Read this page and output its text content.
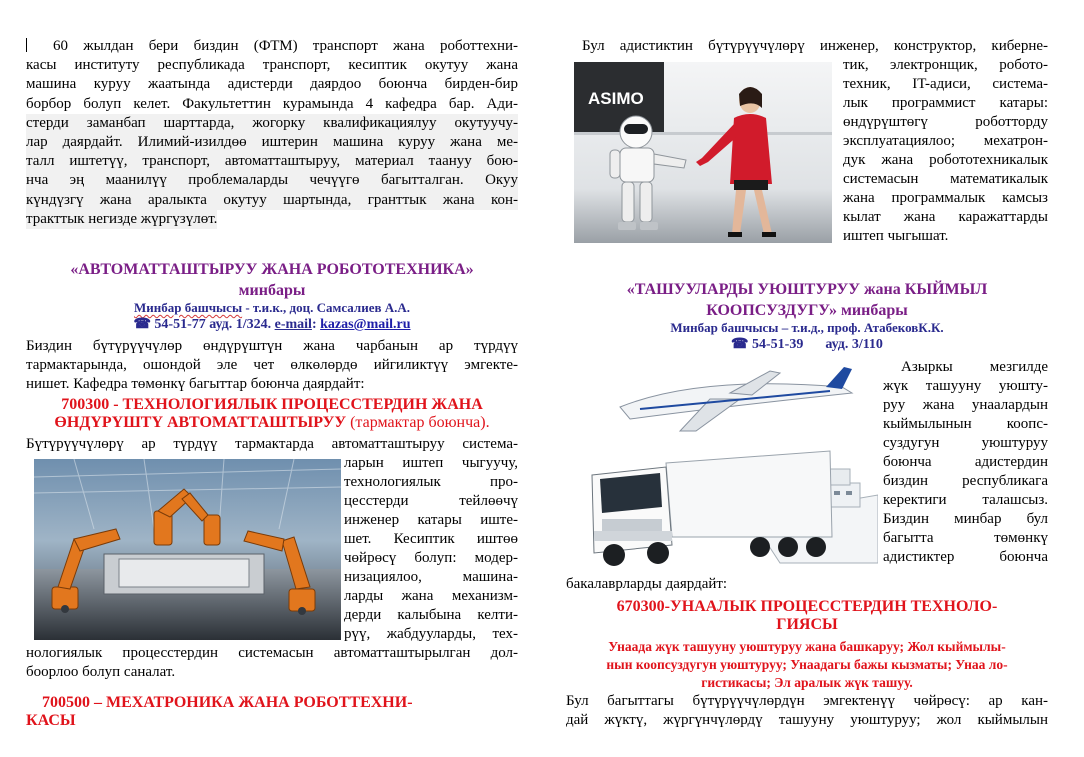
60 жылдан бери биздин (ФТМ) транспорт жана роботтехни-
касы институту республикада транспорт, кесиптик окутуу жана
машина куруу жаатында адистерди даярдоо боюнча бирден-бир
борбор болуп келет. Факультеттин курамында 4 кафедра бар. Ади-
стерди заманбап шарттарда, жогорку квалификациялуу окутуучу-
лар даярдайт. Илимий-изилдөө иштерин машина куруу жана ме-
талл иштетүү, транспорт, автоматташтыруу, материал таануу бою-
нча эң маанилүү проблемаларды чечүүгө багытталган. Окуу
күндүзгү жана аралыкта окутуу шартында, гранттык жана кон-
тракттык негизде жүргүзүлөт.
«АВТОМАТТАШТЫРУУ ЖАНА РОБОТОТЕХНИКА»
минбары
Минбар башчысы - т.и.к., доц. Самсалиев А.А.
☎ 54-51-77 ауд. 1/324. e-mail: kazas@mail.ru
Биздин бүтүрүүчүлөр өндүрүштүн жана чарбанын ар түрдүү
тармактарында, ошондой эле чет өлкөлөрдө ийгиликтүү эмгекте-
нишет. Кафедра төмөнкү багыттар боюнча даярдайт:
700300 - ТЕХНОЛОГИЯЛЫК ПРОЦЕССТЕРДИН ЖАНА
ӨНДҮРҮШТҮ АВТОМАТТАШТЫРУУ (тармактар боюнча).
Бүтүрүүчүлөрү ар түрдүү тармактарда автоматташтыруу система-
ларын иштеп чыгуучу,
технологиялык про-
цесстерди тейлөөчү
инженер катары иште-
шет. Кесиптик иштөө
чөйрөсү болуп: модер-
низациялоо, машина-
ларды жана механизм-
дерди калыбына келти-
рүү, жабдууларды, тех-
нологиялык процесстердин системасын автоматташтырылган дол-
боорлоо болуп саналат.
700500 – МЕХАТРОНИКА ЖАНА РОБОТТЕХНИ-
КАСЫ
Бул адистиктин бүтүрүүчүлөрү инженер, конструктор, киберне-
ASIMO
тик, электронщик, робото-
техник, IT-адиси, система-
лык программист катары:
өндүрүштөгү роботторду
эксплуатациялоо; мехатрон-
дук жана робототехникалык
системасын математикалык
жана программалык камсыз
кылат жана каражаттарды
иштеп чыгышат.
«ТАШУУЛАРДЫ УЮШТУРУУ жана КЫЙМЫЛ
КООПСУЗДУГУ» минбары
Минбар башчысы – т.и.д., проф. АтабековК.К.
☎ 54-51-39 ауд. 3/110
Азыркы мезгилде
жүк ташууну уюшту-
руу жана унаалардын
кыймылынын коопс-
суздугун уюштуруу
боюнча адистердин
биздин республикага
керектиги талашсыз.
Биздин минбар бул
багытта төмөнкү
адистиктер боюнча
бакалаврларды даярдайт:
670300-УНААЛЫК ПРОЦЕССТЕРДИН ТЕХНОЛО-
ГИЯСЫ
Унаада жүк ташууну уюштуруу жана башкаруу; Жол кыймылы-
нын коопсуздугун уюштуруу; Унаадагы бажы кызматы; Унаа ло-
гистикасы; Эл аралык жүк ташуу.
Бул багыттагы бүтүрүүчүлөрдүн эмгектенүү чөйрөсү: ар кан-
дай жүктү, жүргүнчүлөрдү ташууну уюштуруу; жол кыймылын
